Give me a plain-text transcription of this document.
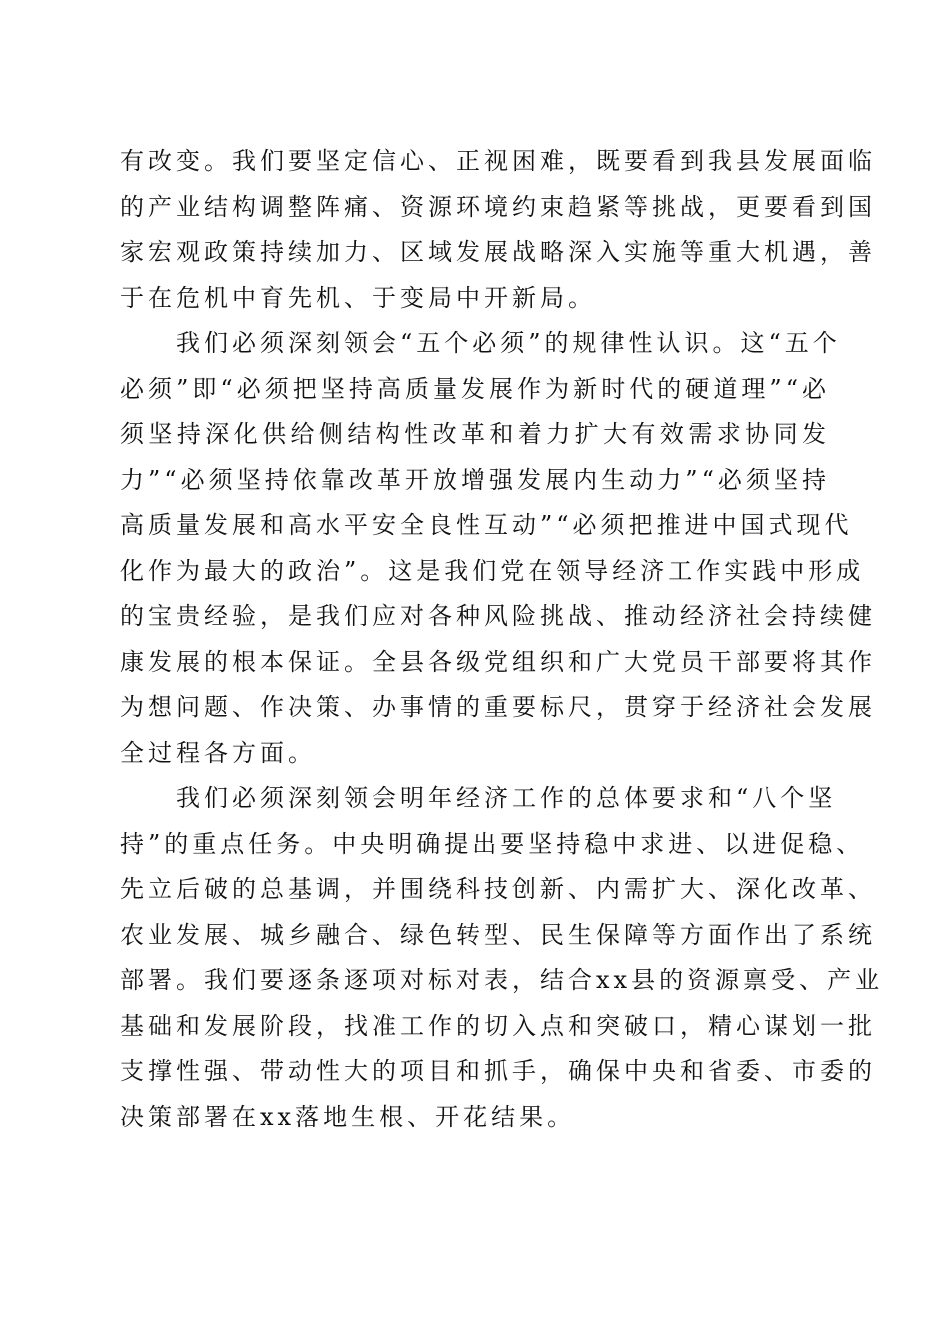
有改变。我们要坚定信心、正视困难，既要看到我县发展面临
的产业结构调整阵痛、资源环境约束趋紧等挑战，更要看到国
家宏观政策持续加力、区域发展战略深入实施等重大机遇，善
于在危机中育先机、于变局中开新局。
我们必须深刻领会“五个必须”的规律性认识。这“五个
必须”即“必须把坚持高质量发展作为新时代的硬道理”“必
须坚持深化供给侧结构性改革和着力扩大有效需求协同发
力”“必须坚持依靠改革开放增强发展内生动力”“必须坚持
高质量发展和高水平安全良性互动”“必须把推进中国式现代
化作为最大的政治”。这是我们党在领导经济工作实践中形成
的宝贵经验，是我们应对各种风险挑战、推动经济社会持续健
康发展的根本保证。全县各级党组织和广大党员干部要将其作
为想问题、作决策、办事情的重要标尺，贯穿于经济社会发展
全过程各方面。
我们必须深刻领会明年经济工作的总体要求和“八个坚
持”的重点任务。中央明确提出要坚持稳中求进、以进促稳、
先立后破的总基调，并围绕科技创新、内需扩大、深化改革、
农业发展、城乡融合、绿色转型、民生保障等方面作出了系统
部署。我们要逐条逐项对标对表，结合xx县的资源禀受、产业
基础和发展阶段，找准工作的切入点和突破口，精心谋划一批
支撑性强、带动性大的项目和抓手，确保中央和省委、市委的
决策部署在xx落地生根、开花结果。
